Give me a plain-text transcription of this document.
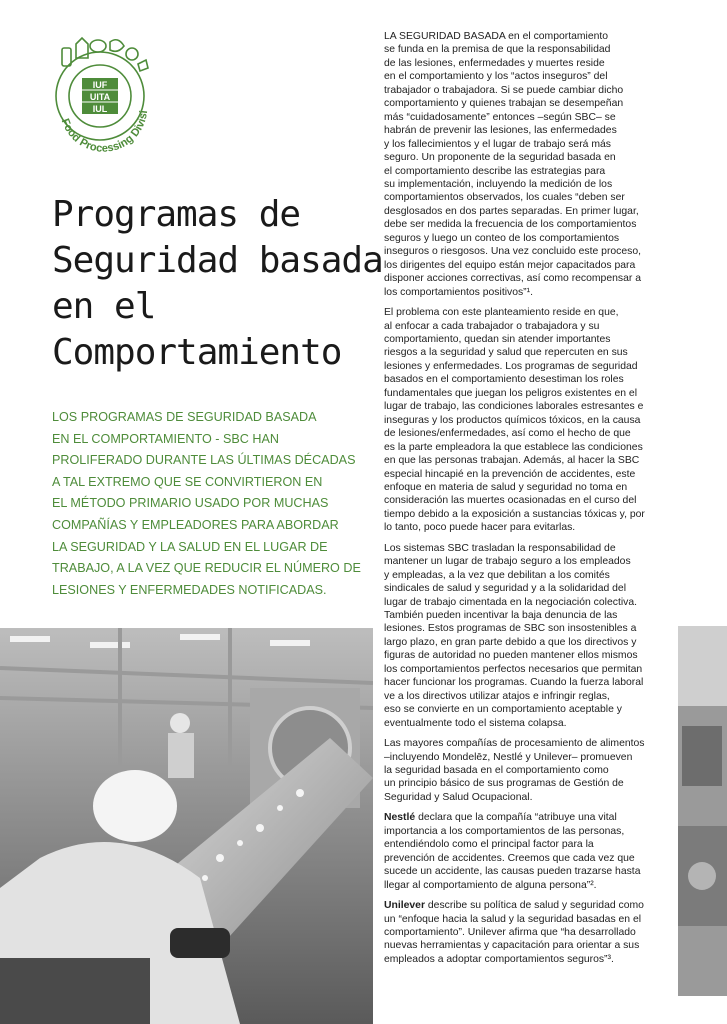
IUF
UITA
IUL
Food Processing Divisi
Programas de
Seguridad basada
en el
Comportamiento

LOS PROGRAMAS DE SEGURIDAD BASADA
EN EL COMPORTAMIENTO - SBC HAN
PROLIFERADO DURANTE LAS ÚLTIMAS DÉCADAS
A TAL EXTREMO QUE SE CONVIRTIERON EN
EL MÉTODO PRIMARIO USADO POR MUCHAS
COMPAÑÍAS Y EMPLEADORES PARA ABORDAR
LA SEGURIDAD Y LA SALUD EN EL LUGAR DE
TRABAJO, A LA VEZ QUE REDUCIR EL NÚMERO DE
LESIONES Y ENFERMEDADES NOTIFICADAS.

LA SEGURIDAD BASADA en el comportamiento
se funda en la premisa de que la responsabilidad
de las lesiones, enfermedades y muertes reside
en el comportamiento y los “actos inseguros” del
trabajador o trabajadora. Si se puede cambiar dicho
comportamiento y quienes trabajan se desempeñan
más “cuidadosamente” entonces –según SBC– se
habrán de prevenir las lesiones, las enfermedades
y los fallecimientos y el lugar de trabajo será más
seguro. Un proponente de la seguridad basada en
el comportamiento describe las estrategias para
su implementación, incluyendo la medición de los
comportamientos observados, los cuales “deben ser
desglosados en dos partes separadas. En primer lugar,
debe ser medida la frecuencia de los comportamientos
seguros y luego un conteo de los comportamientos
inseguros o riesgosos. Una vez concluido este proceso,
los dirigentes del equipo están mejor capacitados para
disponer acciones correctivas, así como recompensar a
los comportamientos positivos”¹.

El problema con este planteamiento reside en que,
al enfocar a cada trabajador o trabajadora y su
comportamiento, quedan sin atender importantes
riesgos a la seguridad y salud que repercuten en sus
lesiones y enfermedades. Los programas de seguridad
basados en el comportamiento desestiman los roles
fundamentales que juegan los peligros existentes en el
lugar de trabajo, las condiciones laborales estresantes e
inseguras y los productos químicos tóxicos, en la causa
de lesiones/enfermedades, así como el hecho de que
es la parte empleadora la que establece las condiciones
en que las personas trabajan. Además, al hacer la SBC
especial hincapié en la prevención de accidentes, este
enfoque en materia de salud y seguridad no toma en
consideración las muertes ocasionadas en el curso del
tiempo debido a la exposición a sustancias tóxicas y, por
lo tanto, poco puede hacer para evitarlas.

Los sistemas SBC trasladan la responsabilidad de
mantener un lugar de trabajo seguro a los empleados
y empleadas, a la vez que debilitan a los comités
sindicales de salud y seguridad y a la solidaridad del
lugar de trabajo cimentada en la negociación colectiva.
También pueden incentivar la baja denuncia de las
lesiones. Estos programas de SBC son insostenibles a
largo plazo, en gran parte debido a que los directivos y
figuras de autoridad no pueden mantener ellos mismos
los comportamientos perfectos necesarios que permitan
hacer funcionar los programas. Cuando la fuerza laboral
ve a los directivos utilizar atajos e infringir reglas,
eso se convierte en un comportamiento aceptable y
eventualmente todo el sistema colapsa.

Las mayores compañías de procesamiento de alimentos
–incluyendo Mondelēz, Nestlé y Unilever– promueven
la seguridad basada en el comportamiento como
un principio básico de sus programas de Gestión de
Seguridad y Salud Ocupacional.

Nestlé declara que la compañía “atribuye una vital
importancia a los comportamientos de las personas,
entendiéndolo como el principal factor para la
prevención de accidentes. Creemos que cada vez que
sucede un accidente, las causas pueden trazarse hasta
llegar al comportamiento de alguna persona”².

Unilever describe su política de salud y seguridad como
un “enfoque hacia la salud y la seguridad basadas en el
comportamiento”. Unilever afirma que “ha desarrollado
nuevas herramientas y capacitación para orientar a sus
empleados a adoptar comportamientos seguros”³.
